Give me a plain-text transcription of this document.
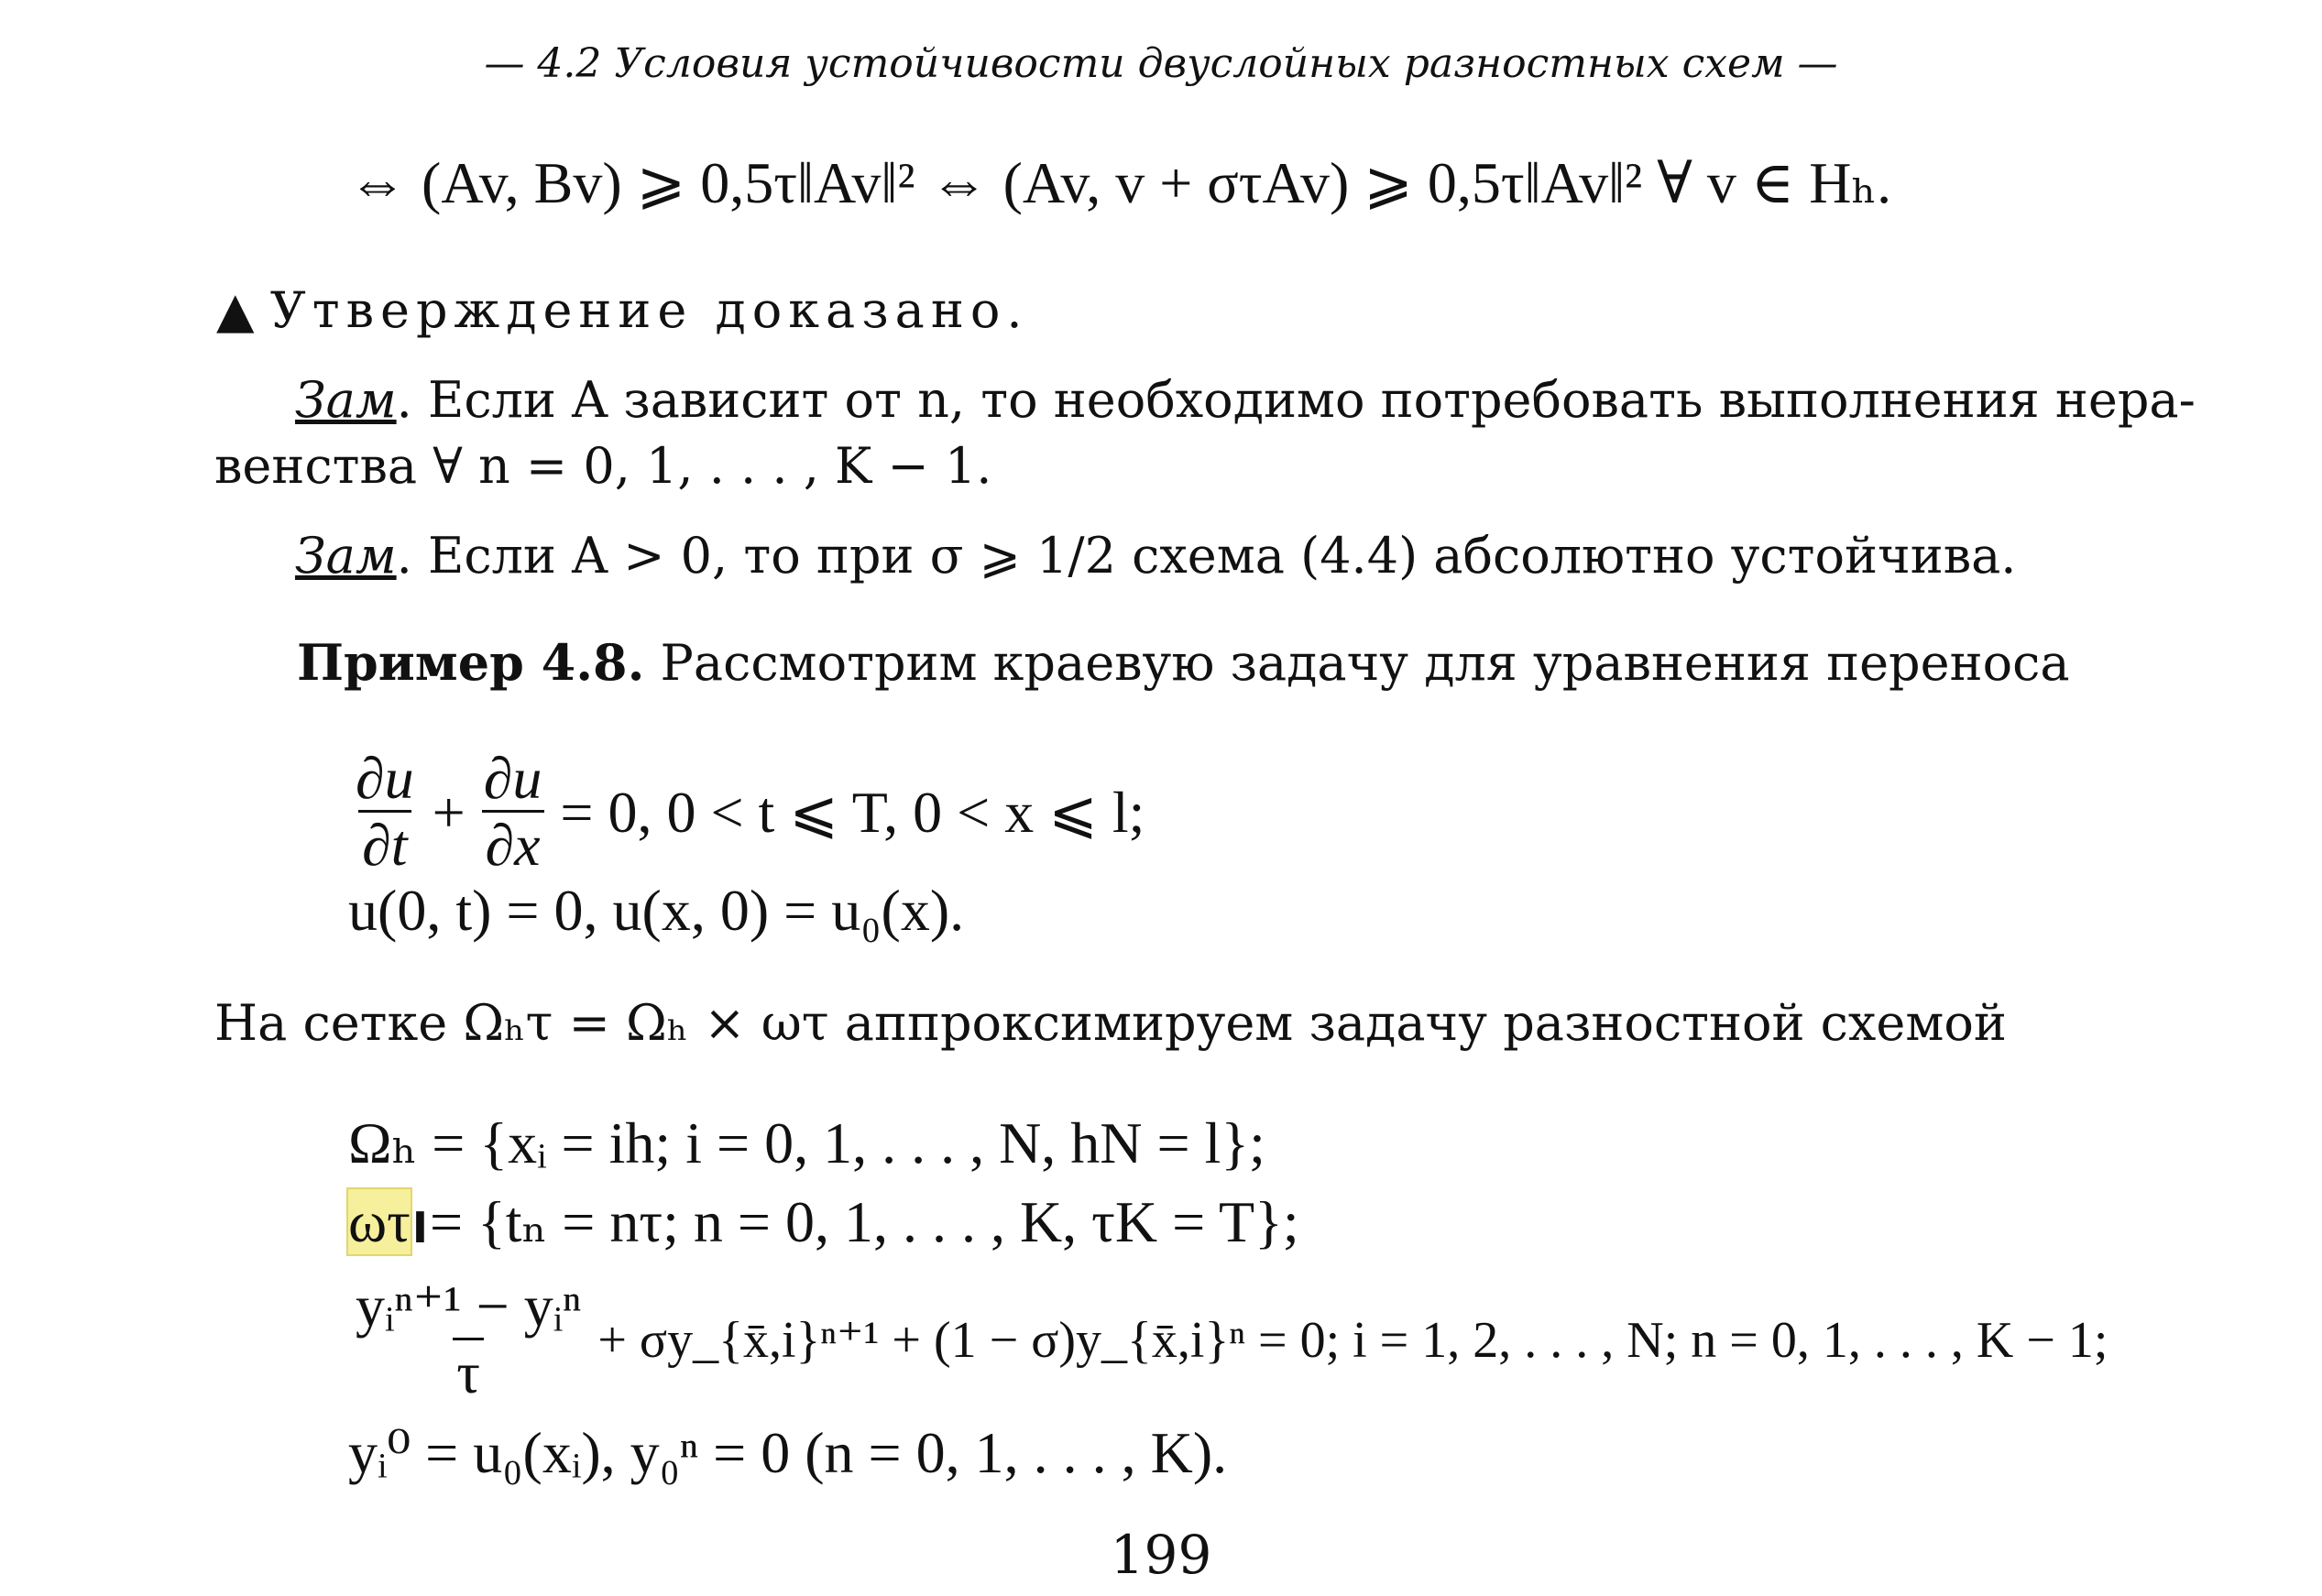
— 4.2 Условия устойчивости двуслойных разностных схем —
⇔ (Av, Bv) ⩾ 0,5τ‖Av‖² ⇔ (Av, v + στAv) ⩾ 0,5τ‖Av‖² ∀ v ∈ Hₕ.
▲ Утверждение доказано.
Зам. Если A зависит от n, то необходимо потребовать выполнения нера-
венства ∀ n = 0, 1, . . . , K − 1.
Зам. Если A > 0, то при σ ⩾ 1/2 схема (4.4) абсолютно устойчива.
Пример 4.8. Рассмотрим краевую задачу для уравнения переноса
$\frac{\partial u}{\partial t} + \frac{\partial u}{\partial x} = 0$, 0 < t ⩽ T, 0 < x ⩽ l;
u(0, t) = 0, u(x, 0) = u₀(x).
На сетке Ωₕτ = Ωₕ × ωτ аппроксимируем задачу разностной схемой
Ωₕ = {xᵢ = ih; i = 0, 1, . . . , N, hN = l};
ωτI= {tₙ = nτ; n = 0, 1, . . . , K, τK = T};
$\frac{\text{yᵢⁿ⁺¹ − yᵢⁿ}}{\tau}$ + σy_{x̄,i}ⁿ⁺¹ + (1 − σ)y_{x̄,i}ⁿ = 0; i = 1, 2, . . . , N; n = 0, 1, . . . , K − 1;
yᵢ⁰ = u₀(xᵢ), y₀ⁿ = 0 (n = 0, 1, . . . , K).
199
